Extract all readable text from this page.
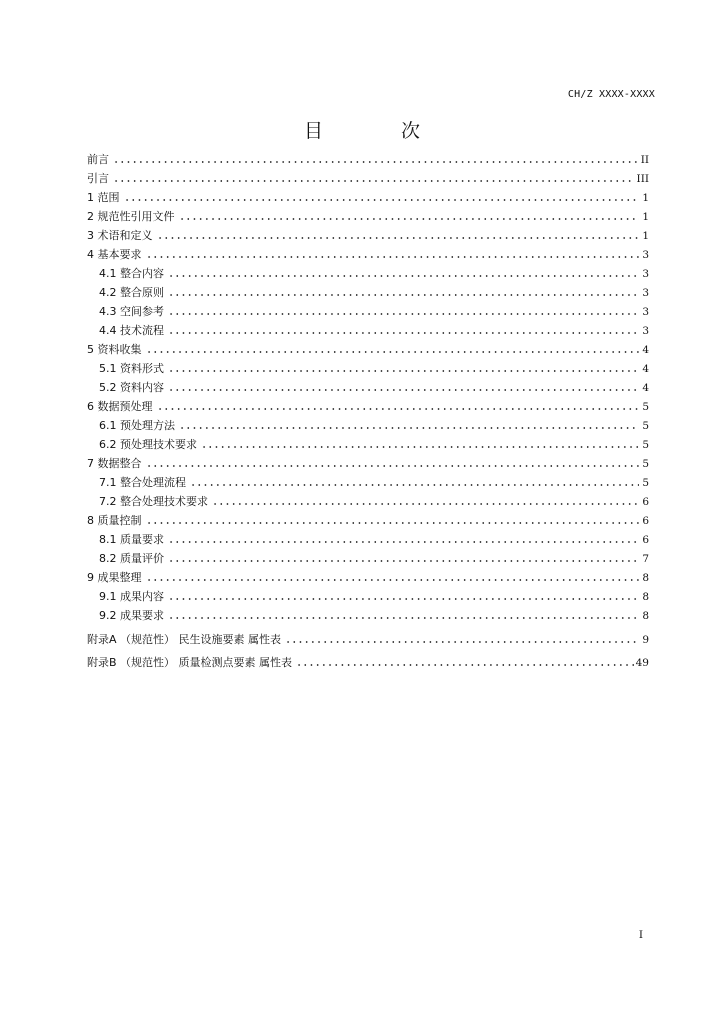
CH/Z XXXX-XXXX
目 次
前言	II
引言	III
1 范围	1
2 规范性引用文件	1
3 术语和定义	1
4 基本要求	3
4.1 整合内容	3
4.2 整合原则	3
4.3 空间参考	3
4.4 技术流程	3
5 资料收集	4
5.1 资料形式	4
5.2 资料内容	4
6 数据预处理	5
6.1 预处理方法	5
6.2 预处理技术要求	5
7 数据整合	5
7.1 整合处理流程	5
7.2 整合处理技术要求	6
8 质量控制	6
8.1 质量要求	6
8.2 质量评价	7
9 成果整理	8
9.1 成果内容	8
9.2 成果要求	8
附录A （规范性） 民生设施要素 属性表	9
附录B （规范性） 质量检测点要素 属性表	49
I
